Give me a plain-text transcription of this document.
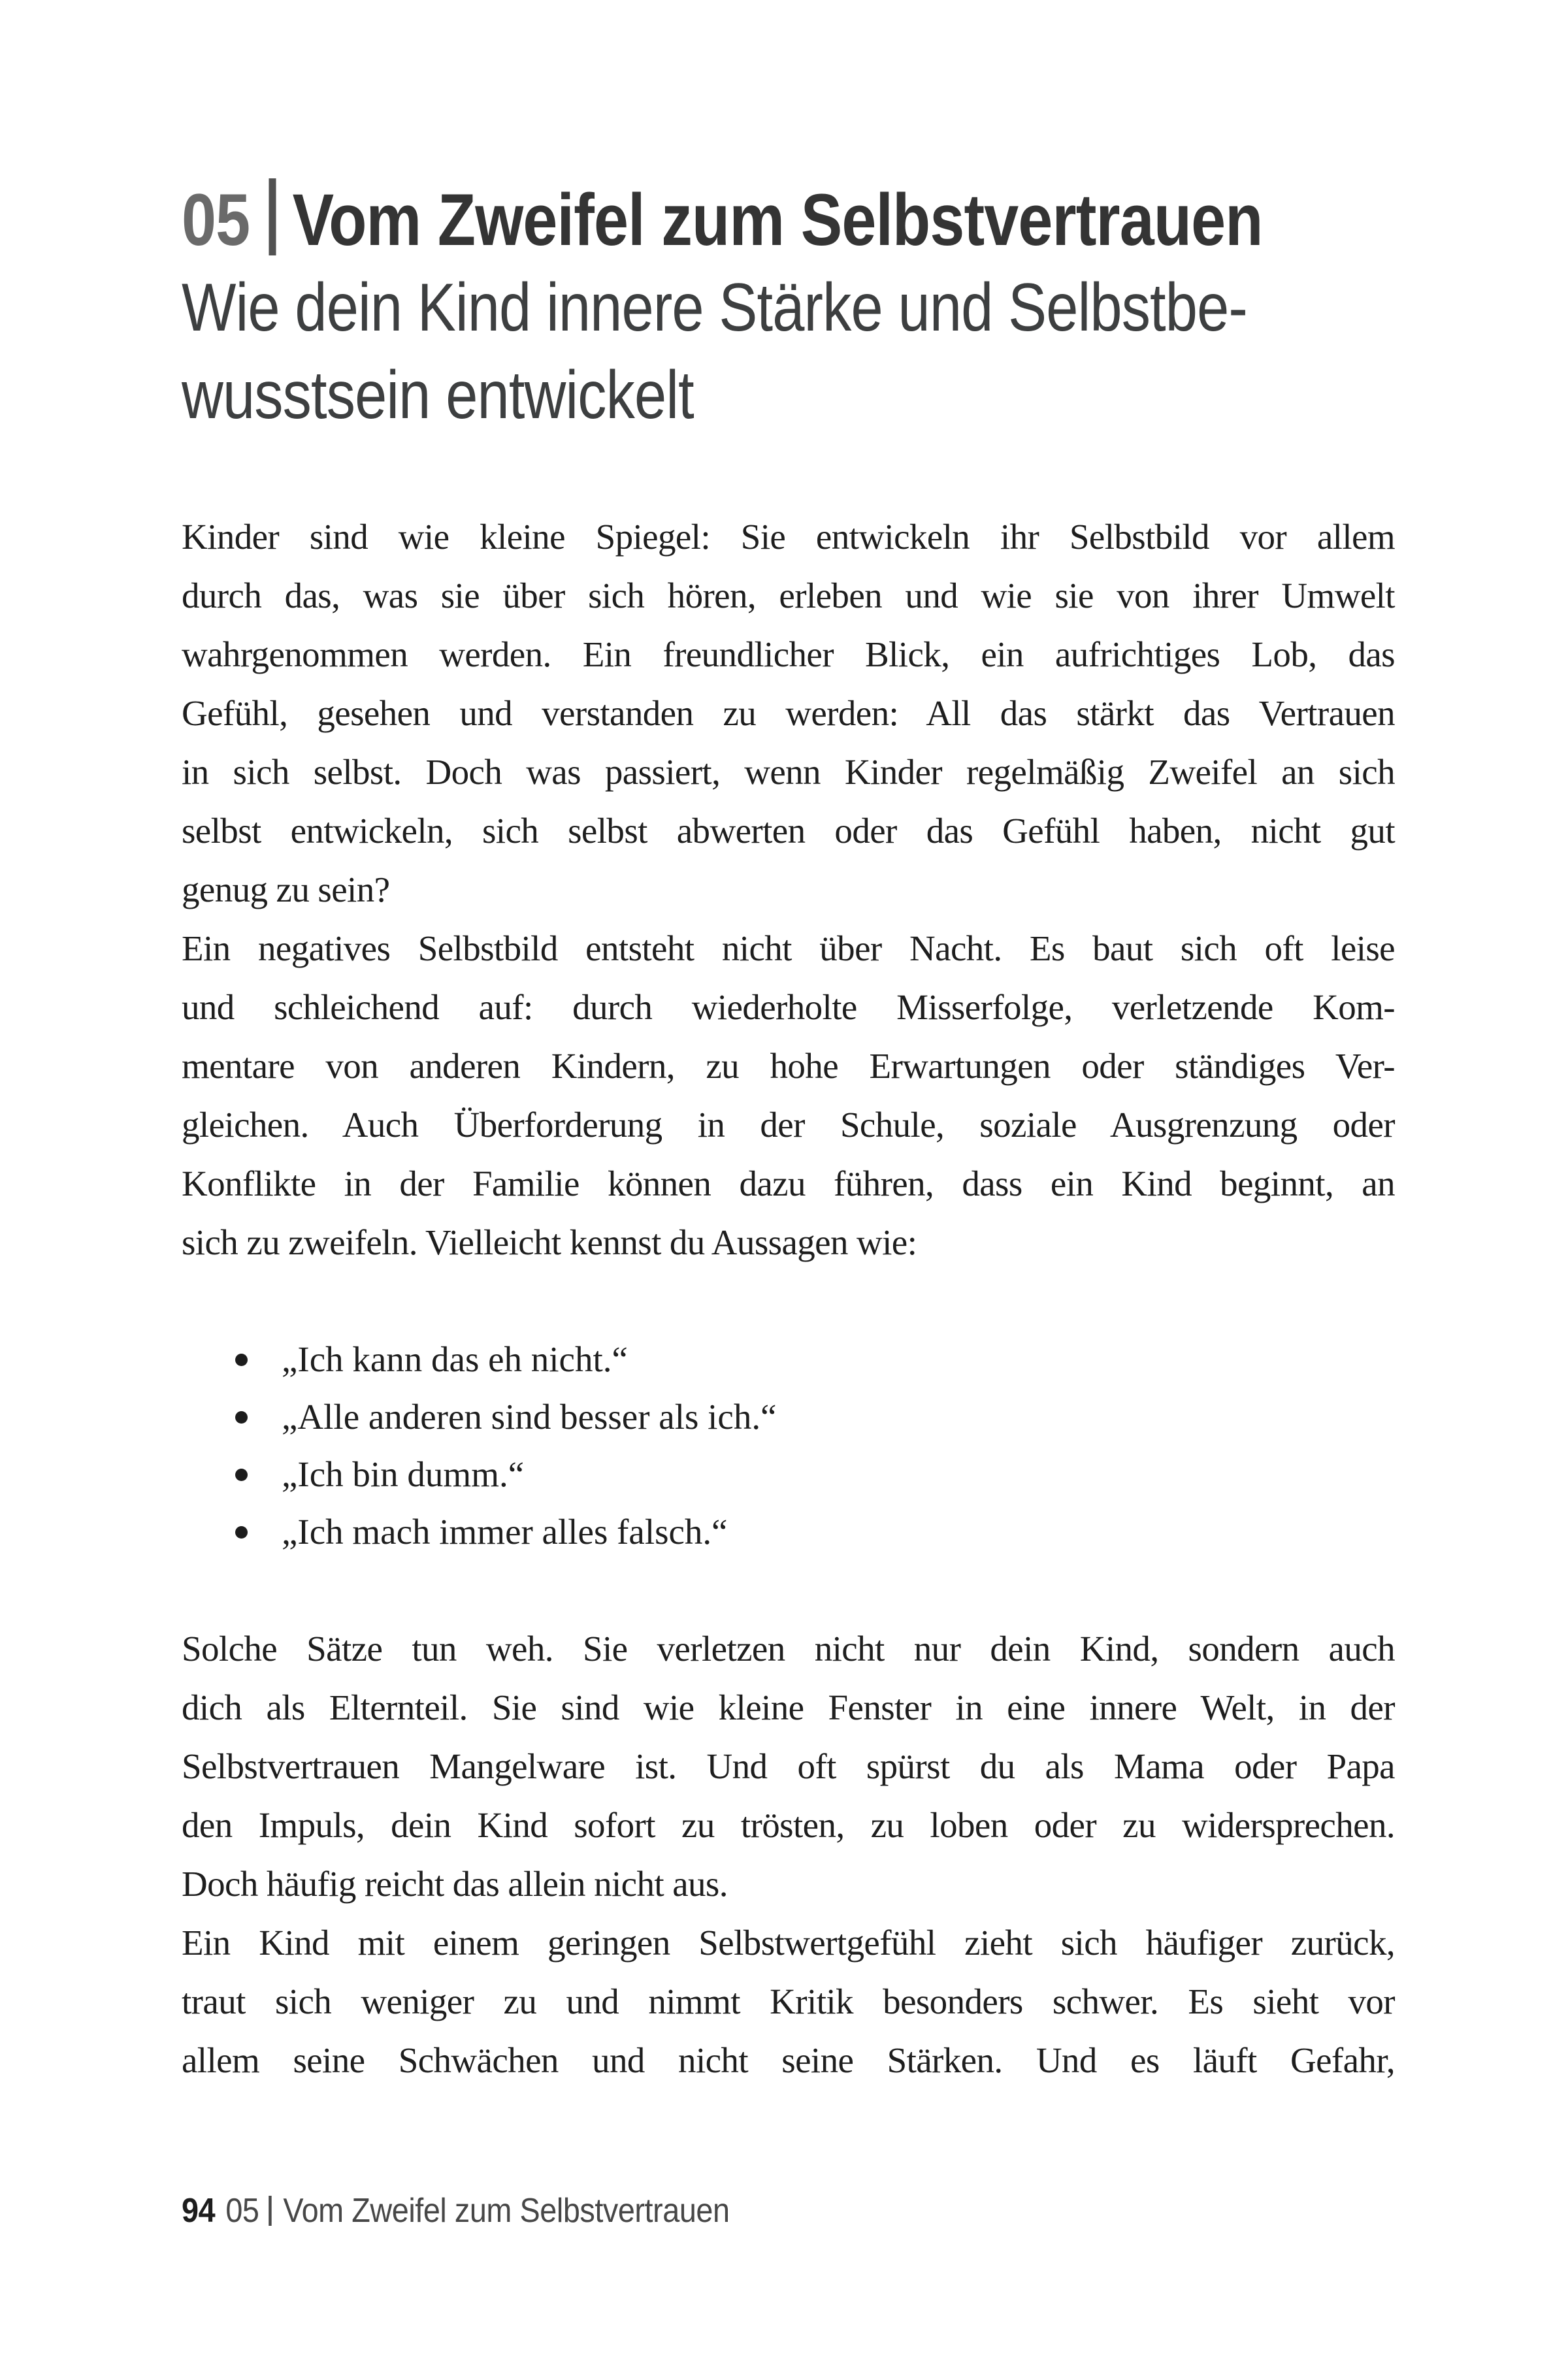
05 Vom Zweifel zum Selbstvertrauen
Wie dein Kind innere Stärke und Selbstbe-
wusstsein entwickelt
Kinder sind wie kleine Spiegel: Sie entwickeln ihr Selbstbild vor allem
durch das, was sie über sich hören, erleben und wie sie von ihrer Umwelt
wahrgenommen werden. Ein freundlicher Blick, ein aufrichtiges Lob, das
Gefühl, gesehen und verstanden zu werden: All das stärkt das Vertrauen
in sich selbst. Doch was passiert, wenn Kinder regelmäßig Zweifel an sich
selbst entwickeln, sich selbst abwerten oder das Gefühl haben, nicht gut
genug zu sein?
Ein negatives Selbstbild entsteht nicht über Nacht. Es baut sich oft leise
und schleichend auf: durch wiederholte Misserfolge, verletzende Kom-
mentare von anderen Kindern, zu hohe Erwartungen oder ständiges Ver-
gleichen. Auch Überforderung in der Schule, soziale Ausgrenzung oder
Konflikte in der Familie können dazu führen, dass ein Kind beginnt, an
sich zu zweifeln. Vielleicht kennst du Aussagen wie:
„Ich kann das eh nicht.“
„Alle anderen sind besser als ich.“
„Ich bin dumm.“
„Ich mach immer alles falsch.“
Solche Sätze tun weh. Sie verletzen nicht nur dein Kind, sondern auch
dich als Elternteil. Sie sind wie kleine Fenster in eine innere Welt, in der
Selbstvertrauen Mangelware ist. Und oft spürst du als Mama oder Papa
den Impuls, dein Kind sofort zu trösten, zu loben oder zu widersprechen.
Doch häufig reicht das allein nicht aus.
Ein Kind mit einem geringen Selbstwertgefühl zieht sich häufiger zurück,
traut sich weniger zu und nimmt Kritik besonders schwer. Es sieht vor
allem seine Schwächen und nicht seine Stärken. Und es läuft Gefahr,
94 05 Vom Zweifel zum Selbstvertrauen
